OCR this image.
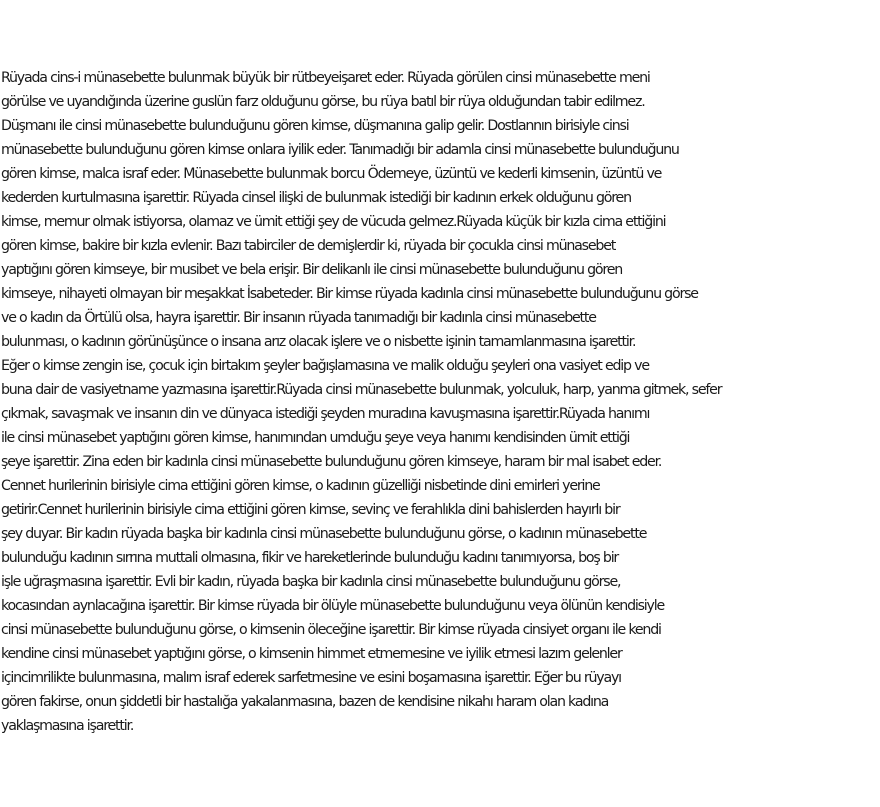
Rüyada cins-i münasebette bulunmak büyük bir rütbeyeişaret eder. Rüyada görülen cinsi münasebette meni
görülse ve uyandığında üzerine guslün farz olduğunu görse, bu rüya batıl bir rüya olduğundan tabir edilmez.
Düşmanı ile cinsi münasebette bulunduğunu gören kimse, düşmanına galip gelir. Dostlannın birisiyle cinsi
münasebette bulunduğunu gören kimse onlara iyilik eder. Tanımadığı bir adamla cinsi münasebette bulunduğunu
gören kimse, malca israf eder. Münasebette bulunmak borcu Ödemeye, üzüntü ve kederli kimsenin, üzüntü ve
kederden kurtulmasına işarettir. Rüyada cinsel ilişki de bulunmak istediği bir kadının erkek olduğunu gören
kimse, memur olmak istiyorsa, olamaz ve ümit ettiği şey de vücuda gelmez.Rüyada küçük bir kızla cima ettiğini
gören kimse, bakire bir kızla evlenir. Bazı tabirciler de demişlerdir ki, rüyada bir çocukla cinsi münasebet
yaptığını gören kimseye, bir musibet ve bela erişir. Bir delikanlı ile cinsi münasebette bulunduğunu gören
kimseye, nihayeti olmayan bir meşakkat İsabeteder. Bir kimse rüyada kadınla cinsi münasebette bulunduğunu görse
ve o kadın da Örtülü olsa, hayra işarettir. Bir insanın rüyada tanımadığı bir kadınla cinsi münasebette
bulunması, o kadının görünüşünce o insana arız olacak işlere ve o nisbette işinin tamamlanmasına işarettir.
Eğer o kimse zengin ise, çocuk için birtakım şeyler bağışlamasına ve malik olduğu şeyleri ona vasiyet edip ve
buna dair de vasiyetname yazmasına işarettir.Rüyada cinsi münasebette bulunmak, yolculuk, harp, yanma gitmek, sefer
çıkmak, savaşmak ve insanın din ve dünyaca istediği şeyden muradına kavuşmasına işarettir.Rüyada hanımı
ile cinsi münasebet yaptığını gören kimse, hanımından umduğu şeye veya hanımı kendisinden ümit ettiği
şeye işarettir. Zina eden bir kadınla cinsi münasebette bulunduğunu gören kimseye, haram bir mal isabet eder.
Cennet hurilerinin birisiyle cima ettiğini gören kimse, o kadının güzelliği nisbetinde dini emirleri yerine
getirir.Cennet hurilerinin birisiyle cima ettiğini gören kimse, sevinç ve ferahlıkla dini bahislerden hayırlı bir
şey duyar. Bir kadın rüyada başka bir kadınla cinsi münasebette bulunduğunu görse, o kadının münasebette
bulunduğu kadının sırrına muttali olmasına, fikir ve hareketlerinde bulunduğu kadını tanımıyorsa, boş bir
işle uğraşmasına işarettir. Evli bir kadın, rüyada başka bir kadınla cinsi münasebette bulunduğunu görse,
kocasından aynlacağına işarettir. Bir kimse rüyada bir ölüyle münasebette bulunduğunu veya ölünün kendisiyle
cinsi münasebette bulunduğunu görse, o kimsenin öleceğine işarettir. Bir kimse rüyada cinsiyet organı ile kendi
kendine cinsi münasebet yaptığını görse, o kimsenin himmet etmemesine ve iyilik etmesi lazım gelenler
içincimrilikte bulunmasına, malım israf ederek sarfetmesine ve esini boşamasına işarettir. Eğer bu rüyayı
gören fakirse, onun şiddetli bir hastalığa yakalanmasına, bazen de kendisine nikahı haram olan kadına
yaklaşmasına işarettir.
